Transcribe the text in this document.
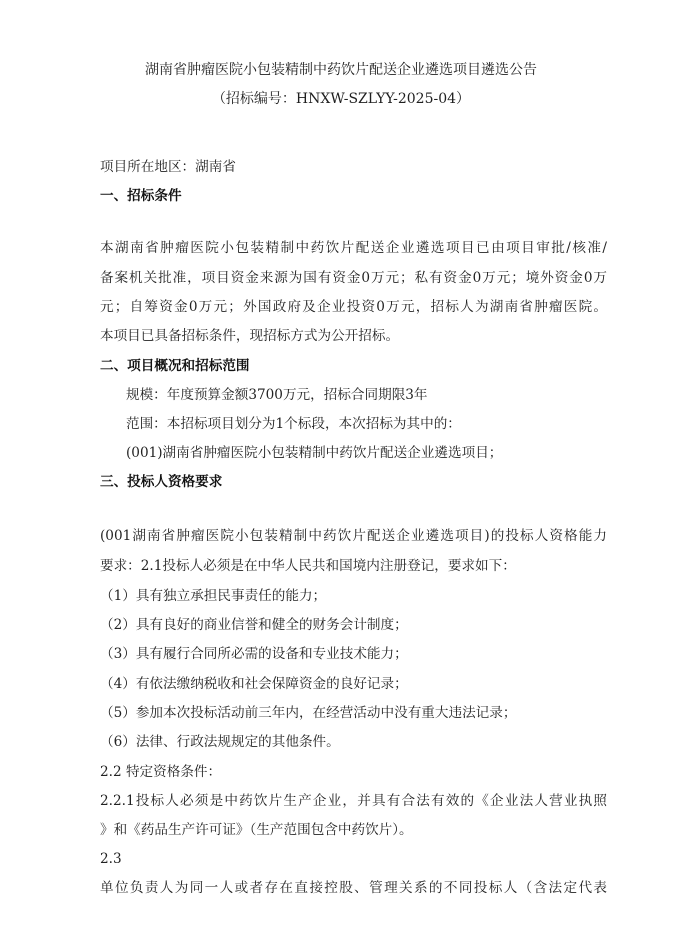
湖南省肿瘤医院小包装精制中药饮片配送企业遴选项目遴选公告
（招标编号：HNXW-SZLYY-2025-04）
项目所在地区：湖南省
一、招标条件
本湖南省肿瘤医院小包装精制中药饮片配送企业遴选项目已由项目审批/核准/
备案机关批准，项目资金来源为国有资金0万元；私有资金0万元；境外资金0万
元；自筹资金0万元；外国政府及企业投资0万元，招标人为湖南省肿瘤医院。
本项目已具备招标条件，现招标方式为公开招标。
二、项目概况和招标范围
规模：年度预算金额3700万元，招标合同期限3年
范围：本招标项目划分为1个标段，本次招标为其中的：
(001)湖南省肿瘤医院小包装精制中药饮片配送企业遴选项目；
三、投标人资格要求
(001湖南省肿瘤医院小包装精制中药饮片配送企业遴选项目)的投标人资格能力
要求：2.1投标人必须是在中华人民共和国境内注册登记，要求如下：
（1）具有独立承担民事责任的能力；
（2）具有良好的商业信誉和健全的财务会计制度；
（3）具有履行合同所必需的设备和专业技术能力；
（4）有依法缴纳税收和社会保障资金的良好记录；
（5）参加本次投标活动前三年内，在经营活动中没有重大违法记录；
（6）法律、行政法规规定的其他条件。
2.2 特定资格条件：
2.2.1投标人必须是中药饮片生产企业，并具有合法有效的《企业法人营业执照
》和《药品生产许可证》（生产范围包含中药饮片）。
2.3
单位负责人为同一人或者存在直接控股、管理关系的不同投标人（含法定代表
